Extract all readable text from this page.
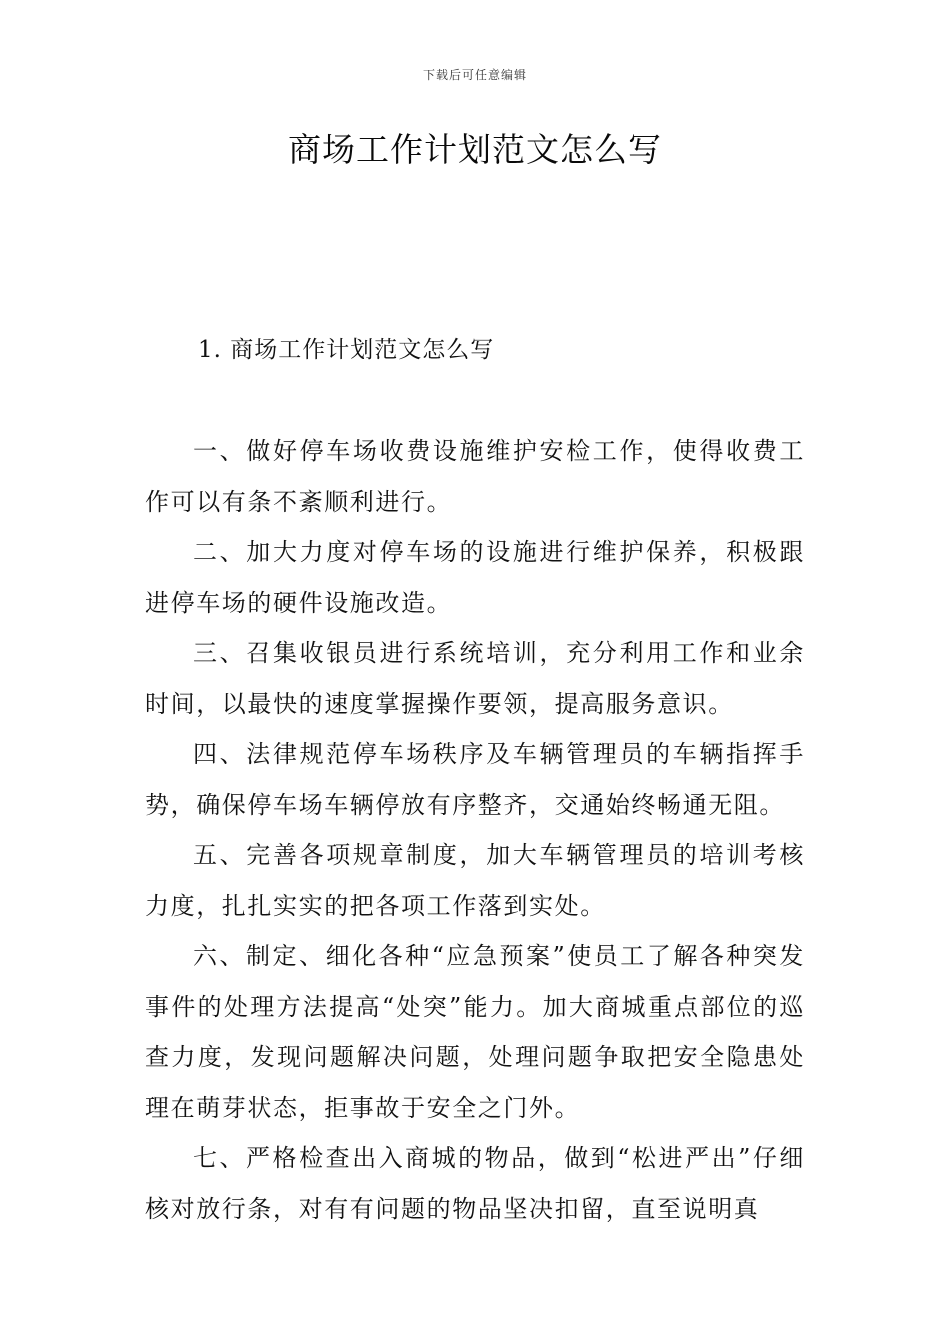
下载后可任意编辑
商场工作计划范文怎么写
1. 商场工作计划范文怎么写

一、做好停车场收费设施维护安检工作，使得收费工作可以有条不紊顺利进行。

二、加大力度对停车场的设施进行维护保养，积极跟进停车场的硬件设施改造。

三、召集收银员进行系统培训，充分利用工作和业余时间，以最快的速度掌握操作要领，提高服务意识。

四、法律规范停车场秩序及车辆管理员的车辆指挥手势，确保停车场车辆停放有序整齐，交通始终畅通无阻。

五、完善各项规章制度，加大车辆管理员的培训考核力度，扎扎实实的把各项工作落到实处。

六、制定、细化各种“应急预案”使员工了解各种突发事件的处理方法提高“处突”能力。加大商城重点部位的巡查力度，发现问题解决问题，处理问题争取把安全隐患处理在萌芽状态，拒事故于安全之门外。

七、严格检查出入商城的物品，做到“松进严出”仔细核对放行条，对有有问题的物品坚决扣留，直至说明真
